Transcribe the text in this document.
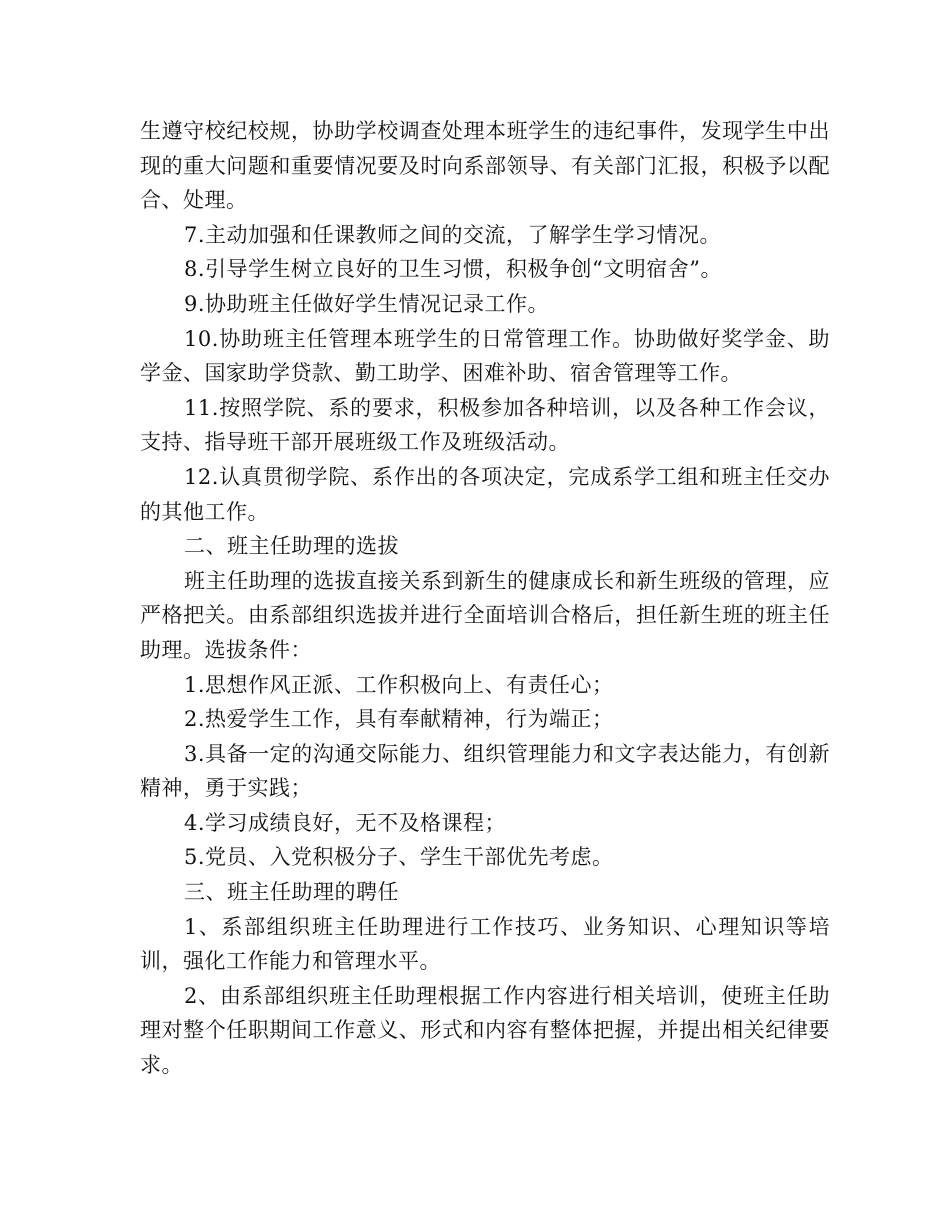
生遵守校纪校规，协助学校调查处理本班学生的违纪事件，发现学生中出现的重大问题和重要情况要及时向系部领导、有关部门汇报，积极予以配合、处理。

7.主动加强和任课教师之间的交流，了解学生学习情况。

8.引导学生树立良好的卫生习惯，积极争创“文明宿舍”。

9.协助班主任做好学生情况记录工作。

10.协助班主任管理本班学生的日常管理工作。协助做好奖学金、助学金、国家助学贷款、勤工助学、困难补助、宿舍管理等工作。

11.按照学院、系的要求，积极参加各种培训，以及各种工作会议，支持、指导班干部开展班级工作及班级活动。

12.认真贯彻学院、系作出的各项决定，完成系学工组和班主任交办的其他工作。

二、班主任助理的选拔

班主任助理的选拔直接关系到新生的健康成长和新生班级的管理，应严格把关。由系部组织选拔并进行全面培训合格后，担任新生班的班主任助理。选拔条件：

1.思想作风正派、工作积极向上、有责任心；

2.热爱学生工作，具有奉献精神，行为端正；

3.具备一定的沟通交际能力、组织管理能力和文字表达能力，有创新精神，勇于实践；

4.学习成绩良好，无不及格课程；

5.党员、入党积极分子、学生干部优先考虑。

三、班主任助理的聘任

1、系部组织班主任助理进行工作技巧、业务知识、心理知识等培训，强化工作能力和管理水平。

2、由系部组织班主任助理根据工作内容进行相关培训，使班主任助理对整个任职期间工作意义、形式和内容有整体把握，并提出相关纪律要求。
